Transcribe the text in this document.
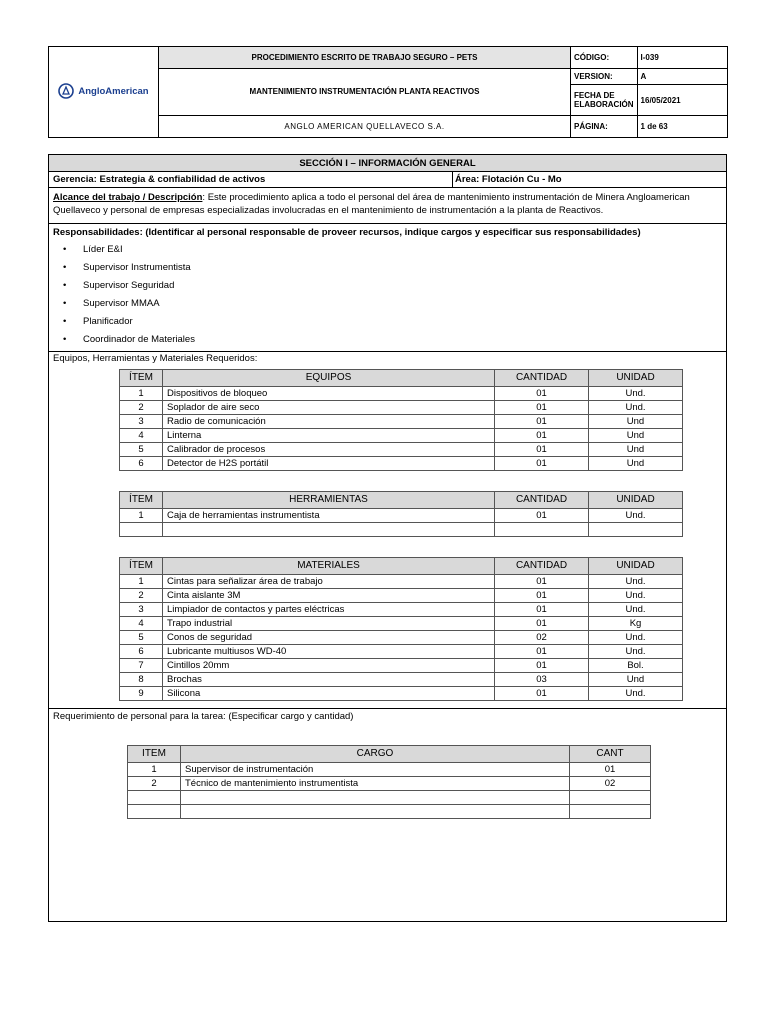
AngloAmerican	PROCEDIMIENTO ESCRITO DE TRABAJO SEGURO – PETS	CÓDIGO:	I-039
	MANTENIMIENTO INSTRUMENTACIÓN PLANTA REACTIVOS	VERSION:	A
		FECHA DE ELABORACIÓN	16/05/2021
	ANGLO AMERICAN QUELLAVECO S.A.	PÁGINA:	1 de 63
SECCIÓN I – INFORMACIÓN GENERAL
Gerencia: Estrategia & confiabilidad de activos	Área: Flotación Cu - Mo
Alcance del trabajo / Descripción: Este procedimiento aplica a todo el personal del área de mantenimiento instrumentación de Minera Angloamerican Quellaveco y personal de empresas especializadas involucradas en el mantenimiento de instrumentación a la planta de Reactivos.
Responsabilidades: (Identificar al personal responsable de proveer recursos, indique cargos y especificar sus responsabilidades)
• Líder E&I
• Supervisor Instrumentista
• Supervisor Seguridad
• Supervisor MMAA
• Planificador
• Coordinador de Materiales
Equipos, Herramientas y Materiales Requeridos:
ÍTEM	EQUIPOS	CANTIDAD	UNIDAD
1	Dispositivos de bloqueo	01	Und.
2	Soplador de aire seco	01	Und.
3	Radio de comunicación	01	Und
4	Linterna	01	Und
5	Calibrador de procesos	01	Und
6	Detector de H2S portátil	01	Und
ÍTEM	HERRAMIENTAS	CANTIDAD	UNIDAD
1	Caja de herramientas instrumentista	01	Und.

ÍTEM	MATERIALES	CANTIDAD	UNIDAD
1	Cintas para señalizar área de trabajo	01	Und.
2	Cinta aislante 3M	01	Und.
3	Limpiador de contactos y partes eléctricas	01	Und.
4	Trapo industrial	01	Kg
5	Conos de seguridad	02	Und.
6	Lubricante multiusos WD-40	01	Und.
7	Cintillos 20mm	01	Bol.
8	Brochas	03	Und
9	Silicona	01	Und.
Requerimiento de personal para la tarea: (Especificar cargo y cantidad)
ITEM	CARGO	CANT
1	Supervisor de instrumentación	01
2	Técnico de mantenimiento instrumentista	02
